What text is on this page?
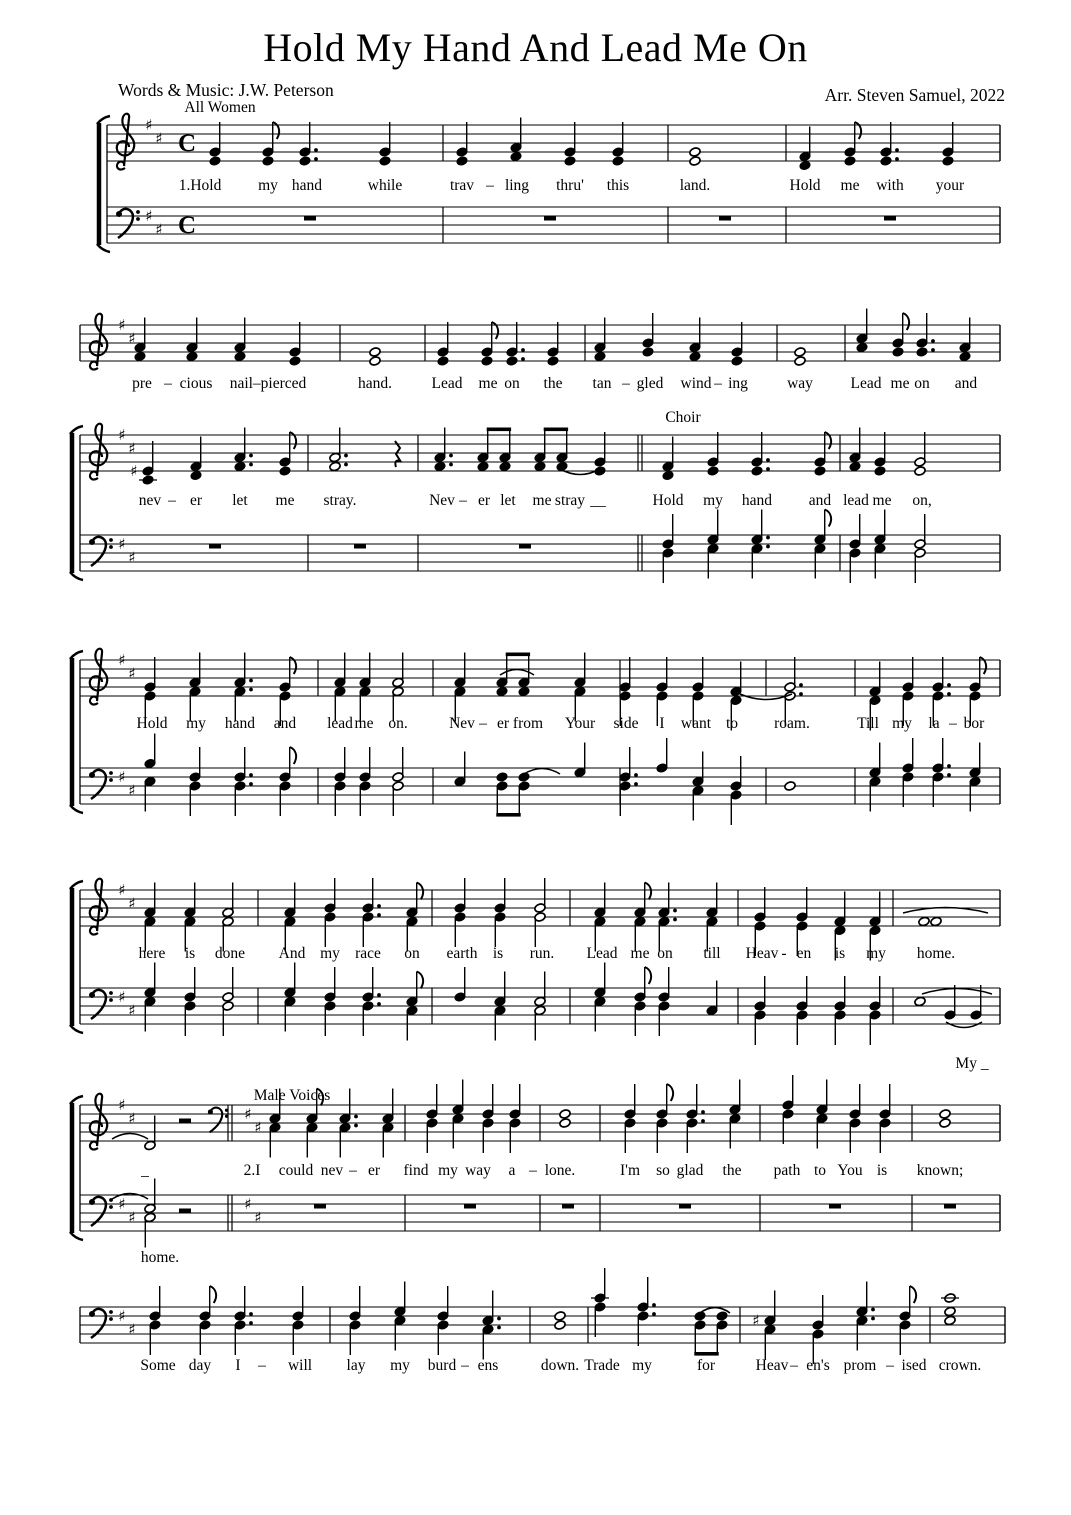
Hold My Hand And Lead Me On
Words & Music: J.W. Peterson	Arr. Steven Samuel, 2022
♯
♯ C
♯
♯ C
All Women
1.Hold my hand	while	trav – ling thru' this	land.	Hold me with your
♯
♯
pre – cious nail–pierced	hand.	Lead me on the tan – gled wind – ing	way Lead me on and
♯
♯
♯
♯
♯
Choir
nev – er let me stray.	Nev – er let me stray __	Hold my hand and lead me on,
♯
♯
♯
♯
Hold my hand and lead me on.	Nev – er from Your side I want to roam.	Till my la – bor
♯
♯
♯
♯
here is done And my race on earth is run. Lead me on till Heav - en is my home.
My _
♯
♯	♯
♯
♯
♯
♯
♯
Male Voices
_	2.I could nev – er find my way a – lone.	I'm so glad the path to You is known;
home.
♯
♯	♯
Some day I – will lay my burd – ens	down. Trade my	for	Heav – en's prom – ised crown.
